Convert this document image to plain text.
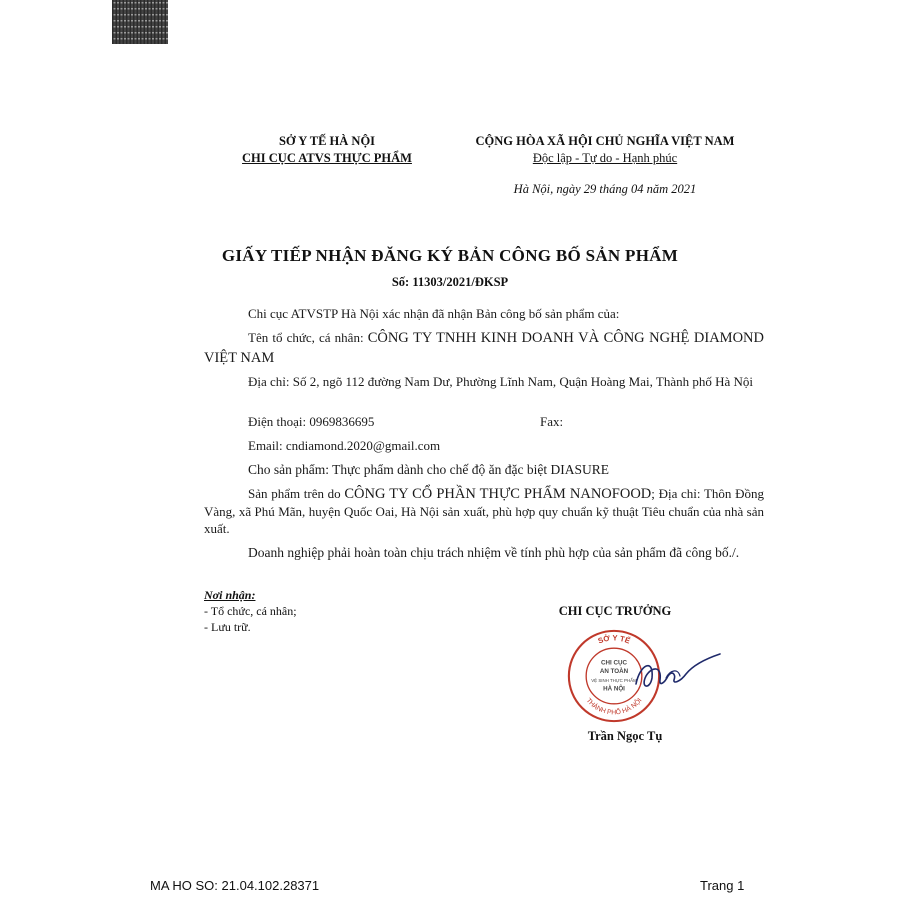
SỞ Y TẾ HÀ NỘI
CHI CỤC ATVS THỰC PHẨM
CỘNG HÒA XÃ HỘI CHỦ NGHĨA VIỆT NAM
Độc lập - Tự do - Hạnh phúc
Hà Nội, ngày 29 tháng 04 năm 2021
GIẤY TIẾP NHẬN ĐĂNG KÝ BẢN CÔNG BỐ SẢN PHẨM
Số: 11303/2021/ĐKSP
Chi cục ATVSTP Hà Nội xác nhận đã nhận Bản công bố sản phẩm của:
Tên tổ chức, cá nhân: CÔNG TY TNHH KINH DOANH VÀ CÔNG NGHỆ DIAMOND VIỆT NAM
Địa chỉ: Số 2, ngõ 112 đường Nam Dư, Phường Lĩnh Nam, Quận Hoàng Mai, Thành phố Hà Nội
Điện thoại: 0969836695	Fax:
Email: cndiamond.2020@gmail.com
Cho sản phẩm: Thực phẩm dành cho chế độ ăn đặc biệt DIASURE
Sản phẩm trên do CÔNG TY CỔ PHẦN THỰC PHẨM NANOFOOD; Địa chỉ: Thôn Đồng Vàng, xã Phú Mãn, huyện Quốc Oai, Hà Nội sản xuất, phù hợp quy chuẩn kỹ thuật Tiêu chuẩn của nhà sản xuất.
Doanh nghiệp phải hoàn toàn chịu trách nhiệm về tính phù hợp của sản phẩm đã công bố./.
Nơi nhận:
- Tổ chức, cá nhân;
- Lưu trữ.
CHI CỤC TRƯỞNG
SỞ Y TẾ
THÀNH PHỐ HÀ NỘI
CHI CỤC
AN TOÀN
VỆ SINH THỰC PHẨM
HÀ NỘI
Trần Ngọc Tụ
MA HO SO: 21.04.102.28371	Trang 1
